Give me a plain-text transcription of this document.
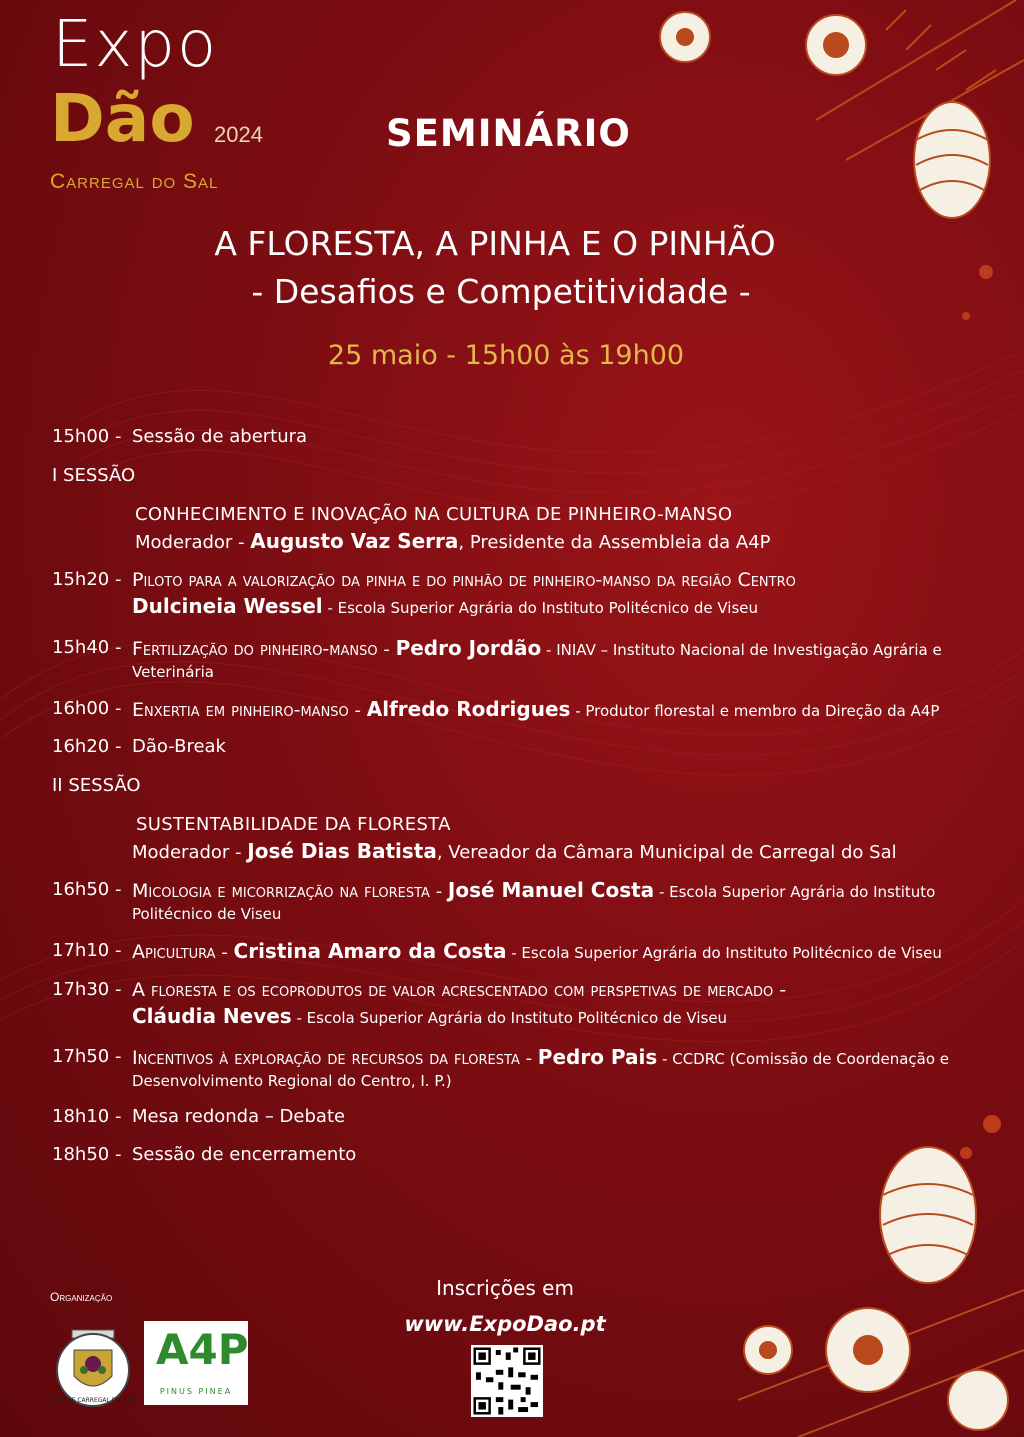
Expo
Dão 2024
Carregal do Sal
SEMINÁRIO
A FLORESTA, A PINHA E O PINHÃO
- Desafios e Competitividade -
25 maio - 15h00 às 19h00
15h00 - Sessão de abertura
I SESSÃO
CONHECIMENTO E INOVAÇÃO NA CULTURA DE PINHEIRO-MANSO
Moderador - Augusto Vaz Serra, Presidente da Assembleia da A4P
15h20 - Piloto para a valorização da pinha e do pinhão de pinheiro-manso da região Centro
Dulcineia Wessel - Escola Superior Agrária do Instituto Politécnico de Viseu
15h40 - Fertilização do pinheiro-manso - Pedro Jordão - INIAV – Instituto Nacional de Investigação Agrária e Veterinária
16h00 - Enxertia em pinheiro-manso - Alfredo Rodrigues - Produtor florestal e membro da Direção da A4P
16h20 - Dão-Break
II SESSÃO
SUSTENTABILIDADE DA FLORESTA
Moderador - José Dias Batista, Vereador da Câmara Municipal de Carregal do Sal
16h50 - Micologia e micorrização na floresta - José Manuel Costa - Escola Superior Agrária do Instituto Politécnico de Viseu
17h10 - Apicultura - Cristina Amaro da Costa - Escola Superior Agrária do Instituto Politécnico de Viseu
17h30 - A floresta e os ecoprodutos de valor acrescentado com perspetivas de mercado -
Cláudia Neves - Escola Superior Agrária do Instituto Politécnico de Viseu
17h50 - Incentivos à exploração de recursos da floresta - Pedro Pais - CCDRC (Comissão de Coordenação e Desenvolvimento Regional do Centro, I. P.)
18h10 - Mesa redonda – Debate
18h50 - Sessão de encerramento
Organização
VILA DE CARREGAL DO SAL
A4P
PINUS PINEA
Inscrições em
www.ExpoDao.pt
